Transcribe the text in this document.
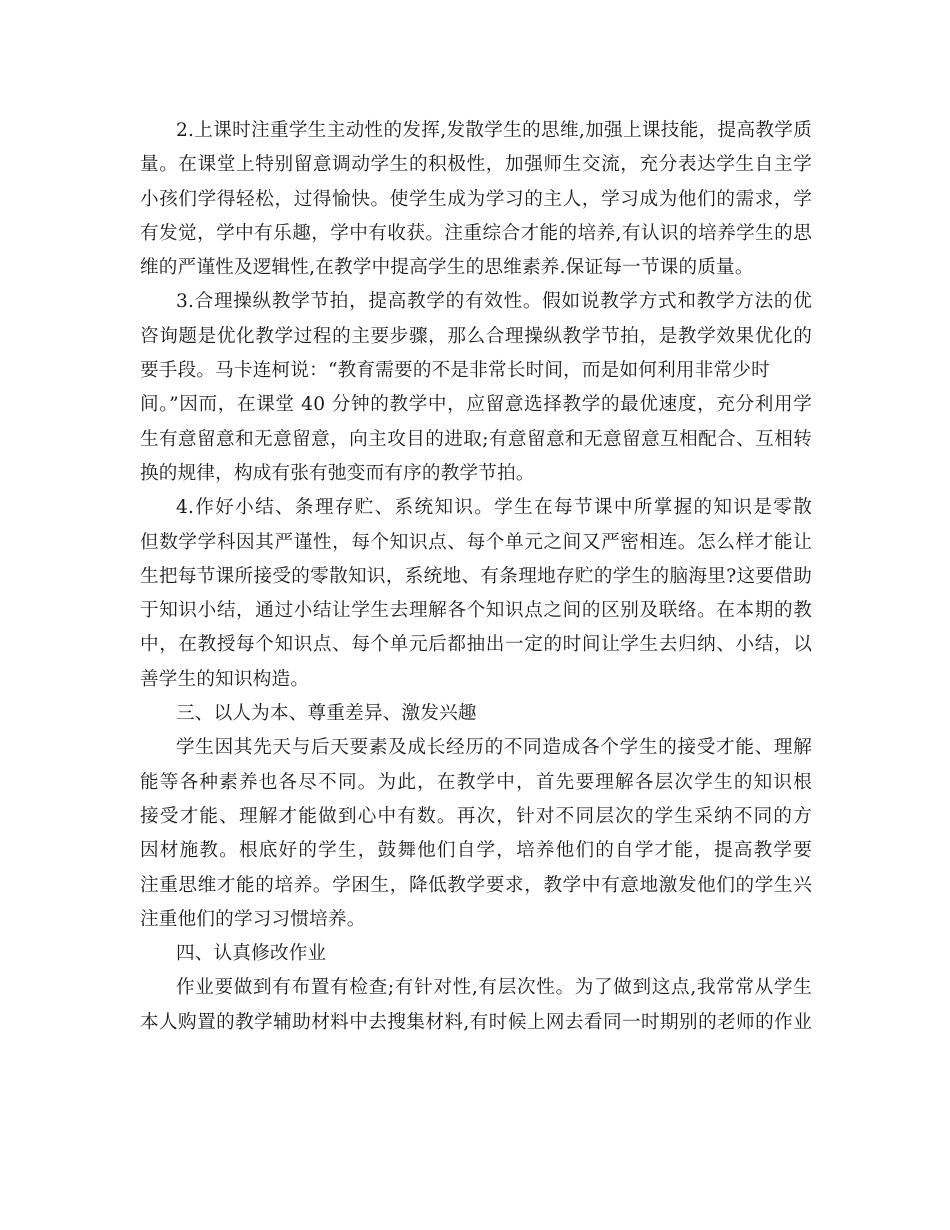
2.上课时注重学生主动性的发挥,发散学生的思维,加强上课技能，提高教学质
量。在课堂上特别留意调动学生的积极性，加强师生交流，充分表达学生自主学
小孩们学得轻松，过得愉快。使学生成为学习的主人，学习成为他们的需求，学
有发觉，学中有乐趣，学中有收获。注重综合才能的培养,有认识的培养学生的思
维的严谨性及逻辑性,在教学中提高学生的思维素养.保证每一节课的质量。
3.合理操纵教学节拍，提高教学的有效性。假如说教学方式和教学方法的优
咨询题是优化教学过程的主要步骤，那么合理操纵教学节拍，是教学效果优化的
要手段。马卡连柯说：“教育需要的不是非常长时间，而是如何利用非常少时
间。”因而，在课堂 40 分钟的教学中，应留意选择教学的最优速度，充分利用学
生有意留意和无意留意，向主攻目的进取;有意留意和无意留意互相配合、互相转
换的规律，构成有张有弛变而有序的教学节拍。
4.作好小结、条理存贮、系统知识。学生在每节课中所掌握的知识是零散
但数学学科因其严谨性，每个知识点、每个单元之间又严密相连。怎么样才能让
生把每节课所接受的零散知识，系统地、有条理地存贮的学生的脑海里?这要借助
于知识小结，通过小结让学生去理解各个知识点之间的区别及联络。在本期的教
中，在教授每个知识点、每个单元后都抽出一定的时间让学生去归纳、小结，以
善学生的知识构造。
三、以人为本、尊重差异、激发兴趣
学生因其先天与后天要素及成长经历的不同造成各个学生的接受才能、理解
能等各种素养也各尽不同。为此，在教学中，首先要理解各层次学生的知识根
接受才能、理解才能做到心中有数。再次，针对不同层次的学生采纳不同的方
因材施教。根底好的学生，鼓舞他们自学，培养他们的自学才能，提高教学要
注重思维才能的培养。学困生，降低教学要求，教学中有意地激发他们的学生兴
注重他们的学习习惯培养。
四、认真修改作业
作业要做到有布置有检查;有针对性,有层次性。为了做到这点,我常常从学生
本人购置的教学辅助材料中去搜集材料,有时候上网去看同一时期别的老师的作业
